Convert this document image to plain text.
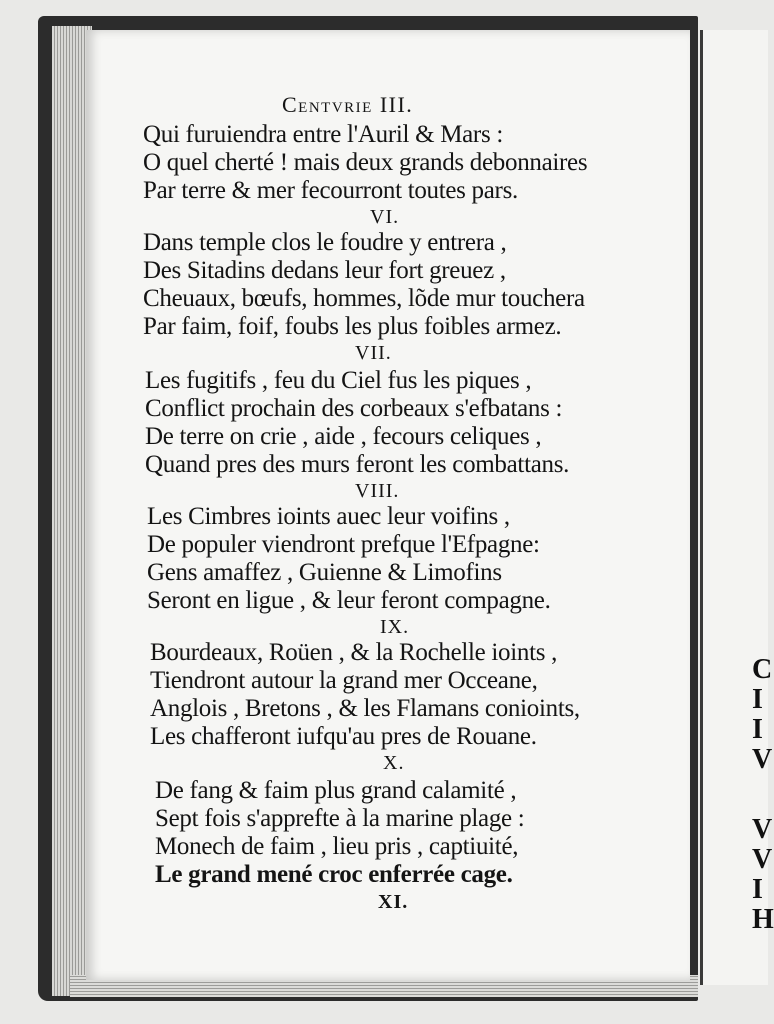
C
I
I
V
V
V
I
H
Centvrie III.
Qui furuiendra entre l'Auril & Mars :
O quel cherté ! mais deux grands debonnaires
Par terre & mer fecourront toutes pars.
VI.
Dans temple clos le foudre y entrera ,
Des Sitadins dedans leur fort greuez ,
Cheuaux, bœufs, hommes, lõde mur touchera
Par faim, foif, foubs les plus foibles armez.
VII.
Les fugitifs , feu du Ciel fus les piques ,
Conflict prochain des corbeaux s'efbatans :
De terre on crie , aide , fecours celiques ,
Quand pres des murs feront les combattans.
VIII.
Les Cimbres ioints auec leur voifins ,
De populer viendront prefque l'Efpagne:
Gens amaffez , Guienne & Limofins
Seront en ligue , & leur feront compagne.
IX.
Bourdeaux, Roüen , & la Rochelle ioints ,
Tiendront autour la grand mer Occeane,
Anglois , Bretons , & les Flamans conioints,
Les chafferont iufqu'au pres de Rouane.
X.
De fang & faim plus grand calamité ,
Sept fois s'apprefte à la marine plage :
Monech de faim , lieu pris , captiuité,
Le grand mené croc enferrée cage.
XI.
